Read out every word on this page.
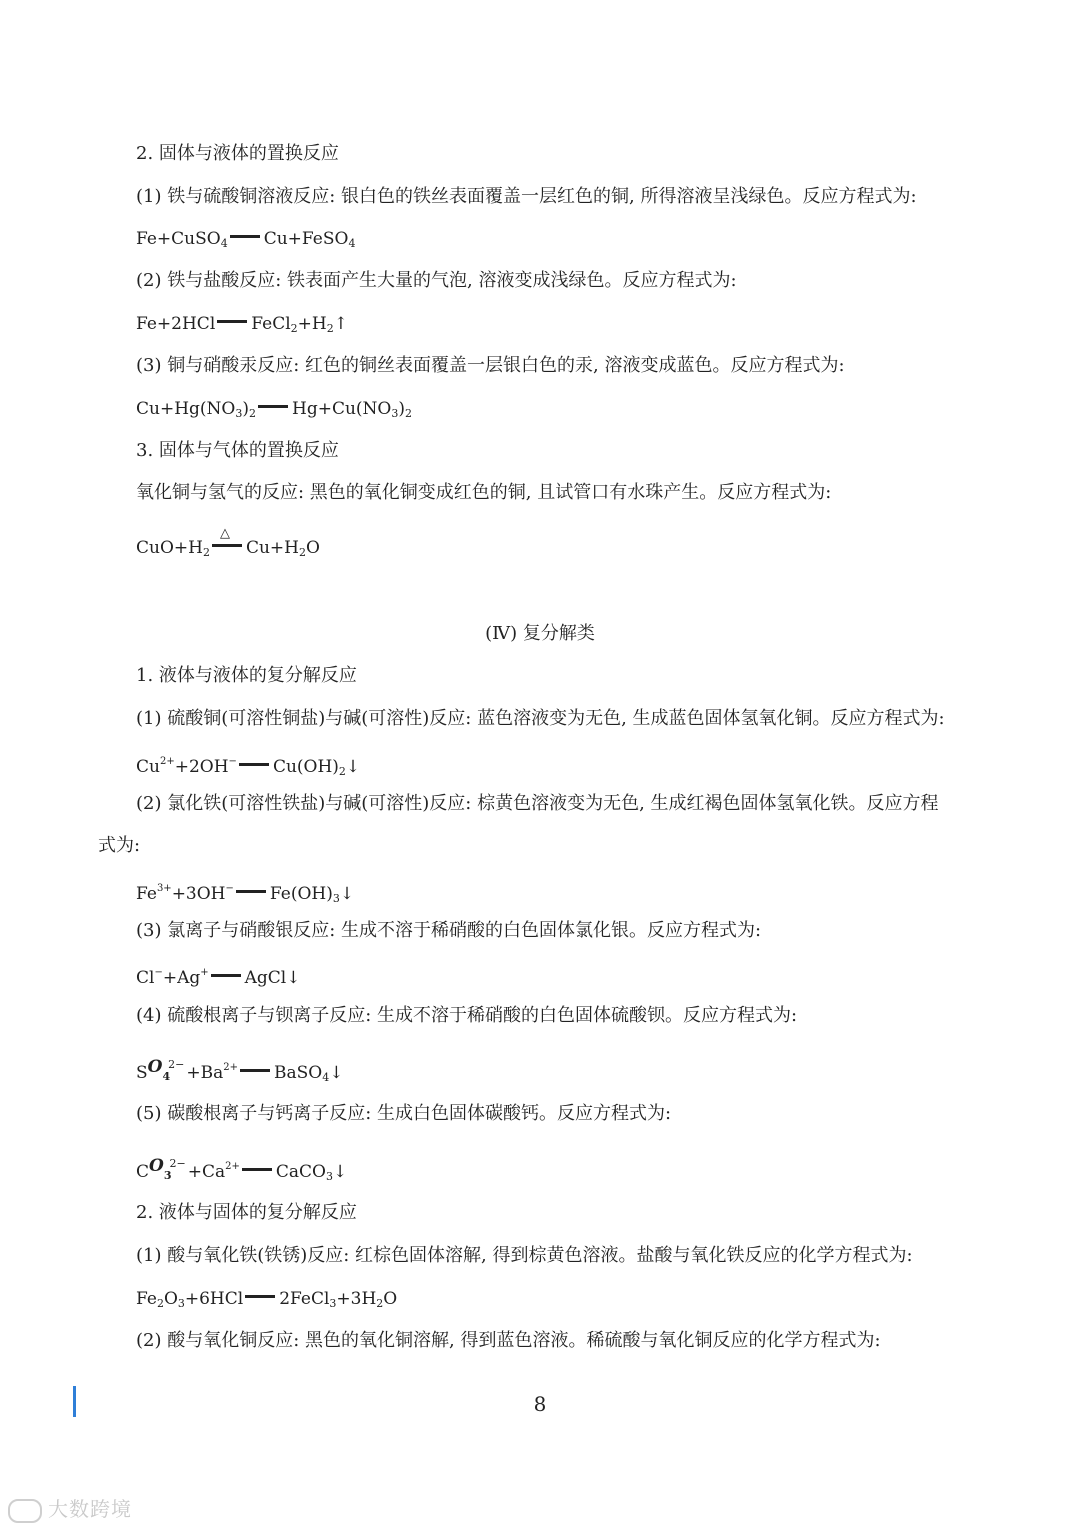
2. 固体与液体的置换反应
(1) 铁与硫酸铜溶液反应: 银白色的铁丝表面覆盖一层红色的铜, 所得溶液呈浅绿色。反应方程式为:
Fe+CuSO$_4$ Cu+FeSO$_4$
(2) 铁与盐酸反应: 铁表面产生大量的气泡, 溶液变成浅绿色。反应方程式为:
Fe+2HCl $FeCl_2+H_2↑$
(3) 铜与硝酸汞反应: 红色的铜丝表面覆盖一层银白色的汞, 溶液变成蓝色。反应方程式为:
$Cu+Hg(NO_3)_2$ $Hg+Cu(NO_3)_2$
3. 固体与气体的置换反应
氧化铜与氢气的反应: 黑色的氧化铜变成红色的铜, 且试管口有水珠产生。反应方程式为:
$CuO+H_2$
△
$Cu+H_2O$
(Ⅳ) 复分解类
1. 液体与液体的复分解反应
(1) 硫酸铜(可溶性铜盐)与碱(可溶性)反应: 蓝色溶液变为无色, 生成蓝色固体氢氧化铜。反应方程式为:
$Cu^{2+}+2OH^-$ $Cu(OH)_2↓$
(2) 氯化铁(可溶性铁盐)与碱(可溶性)反应: 棕黄色溶液变为无色, 生成红褐色固体氢氧化铁。反应方程
式为:
$Fe^{3+}+3OH^-$ $Fe(OH)_3↓$
(3) 氯离子与硝酸银反应: 生成不溶于稀硝酸的白色固体氯化银。反应方程式为:
Cl−+Ag+ AgCl↓
(4) 硫酸根离子与钡离子反应: 生成不溶于稀硝酸的白色固体硫酸钡。反应方程式为:
$SO4^{2-} +Ba^{2+}$ BaSO$_4$↓
(5) 碳酸根离子与钙离子反应: 生成白色固体碳酸钙。反应方程式为:
$CO3^{2-} +Ca^{2+}$ CaCO$_3$↓
2. 液体与固体的复分解反应
(1) 酸与氧化铁(铁锈)反应: 红棕色固体溶解, 得到棕黄色溶液。盐酸与氧化铁反应的化学方程式为:
$Fe_2O_3+6HCl$ $2FeCl_3+3H_2O$
(2) 酸与氧化铜反应: 黑色的氧化铜溶解, 得到蓝色溶液。稀硫酸与氧化铜反应的化学方程式为:
8
大数跨境
